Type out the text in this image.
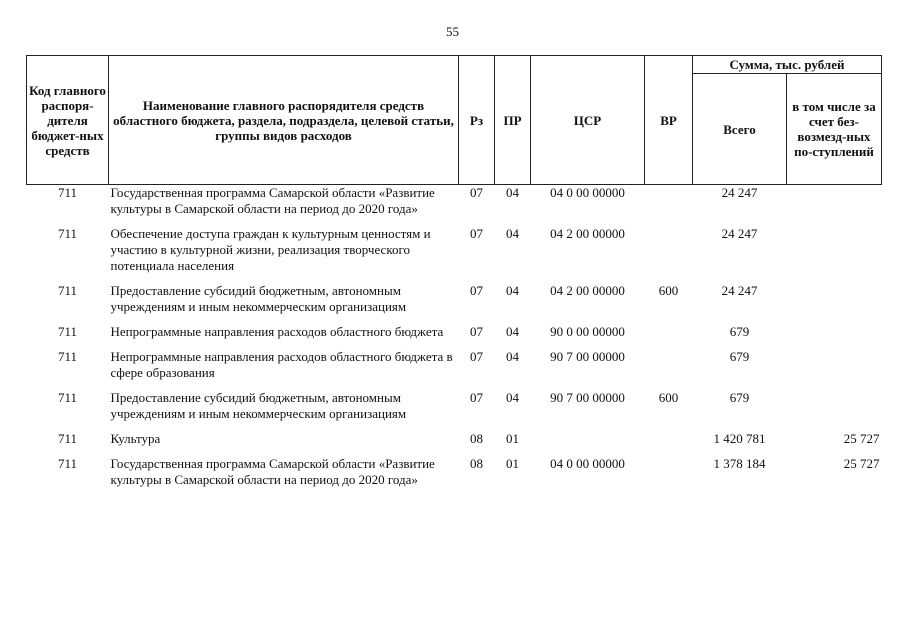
55
Код главного распоря-дителя бюджет-ных средств	Наименование главного распорядителя средств областного бюджета, раздела, подраздела, целевой статьи, группы видов расходов	Рз	ПР	ЦСР	ВР	Сумма, тыс. рублей	
						Всего	в том числе за счет без-возмезд-ных по-ступлений
711	Государственная программа Самарской области «Развитие культуры в Самарской области на период до 2020 года»	07	04	04 0 00 00000		24 247	
711	Обеспечение доступа граждан к культурным ценностям и участию в культурной жизни, реализация творческого потенциала населения	07	04	04 2 00 00000		24 247	
711	Предоставление субсидий бюджетным, автономным учреждениям и иным некоммерческим организациям	07	04	04 2 00 00000	600	24 247	
711	Непрограммные направления расходов областного бюджета	07	04	90 0 00 00000		679	
711	Непрограммные направления расходов областного бюджета в сфере образования	07	04	90 7 00 00000		679	
711	Предоставление субсидий бюджетным, автономным учреждениям и иным некоммерческим организациям	07	04	90 7 00 00000	600	679	
711	Культура	08	01			1 420 781	25 727
711	Государственная программа Самарской области «Развитие культуры в Самарской области на период до 2020 года»	08	01	04 0 00 00000		1 378 184	25 727
